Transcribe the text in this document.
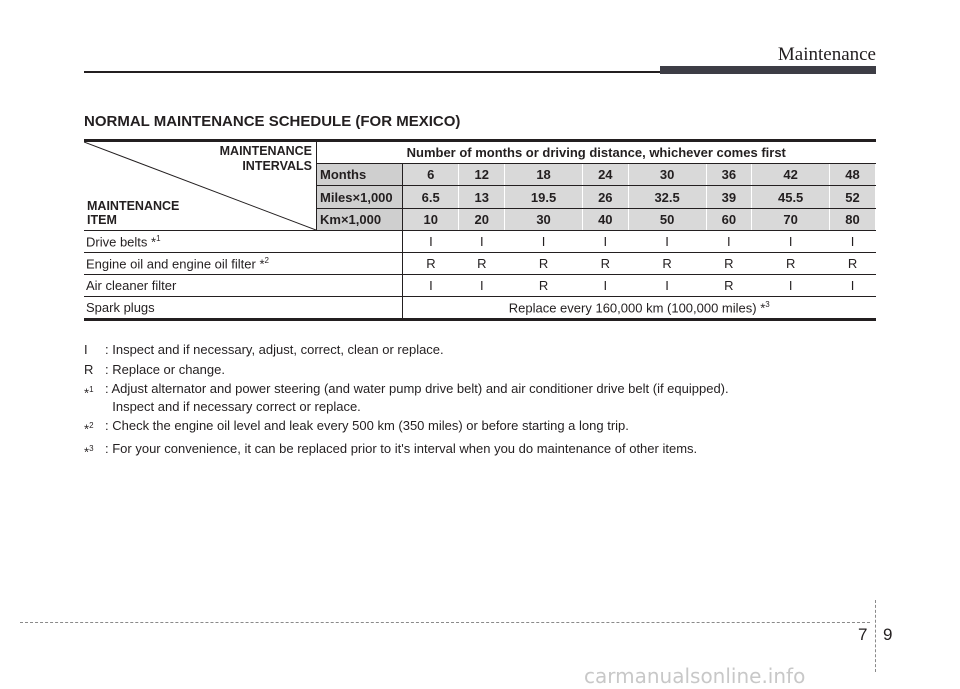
Maintenance
NORMAL MAINTENANCE SCHEDULE (FOR MEXICO)
MAINTENANCE
INTERVALS
MAINTENANCE
ITEM	Number of months or driving distance, whichever comes first								
	Months	6	12	18	24	30	36	42	48
	Miles×1,000	6.5	13	19.5	26	32.5	39	45.5	52
	Km×1,000	10	20	30	40	50	60	70	80
Drive belts *$^1$		I	I	I	I	I	I	I	I
Engine oil and engine oil filter *$^2$		R	R	R	R	R	R	R	R
Air cleaner filter		I	I	R	I	I	R	I	I
Spark plugs		Replace every 160,000 km (100,000 miles) *$^3$
I	: Inspect and if necessary, adjust, correct, clean or replace.
R : Replace or change.
*$^1$ : Adjust alternator and power steering (and water pump drive belt) and air conditioner drive belt (if equipped).
Inspect and if necessary correct or replace.
*$^2$ : Check the engine oil level and leak every 500 km (350 miles) or before starting a long trip.
*$^3$ : For your convenience, it can be replaced prior to it's interval when you do maintenance of other items.
7 9
carmanualsonline.info
